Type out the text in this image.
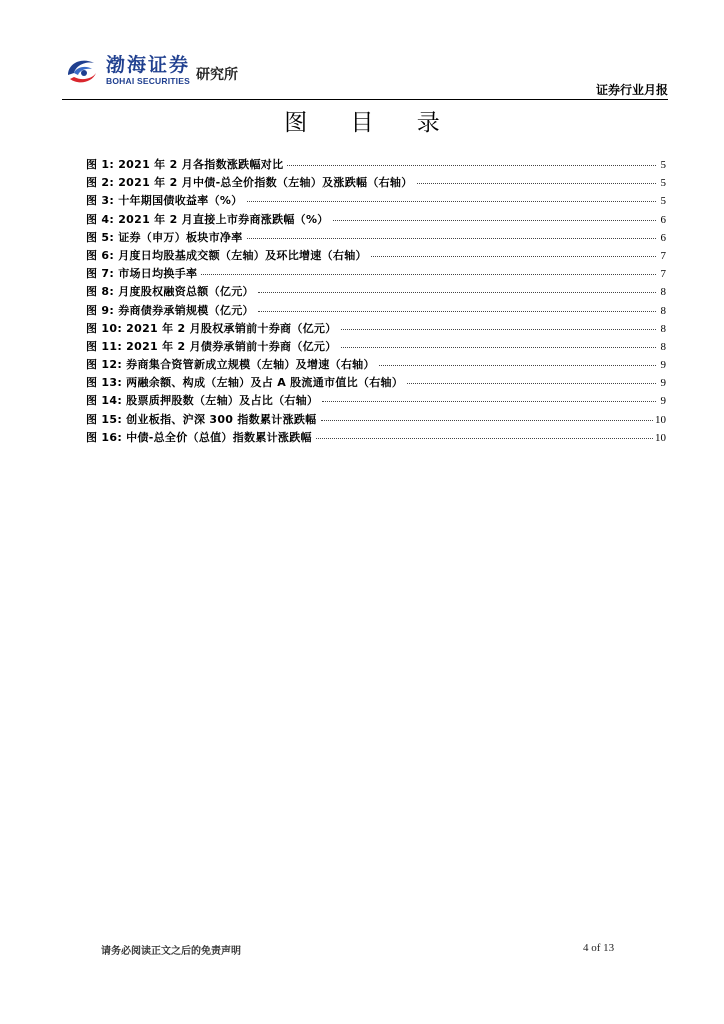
渤海证券
BOHAI SECURITIES 研究所
证券行业月报
图 目 录
图 1: 2021 年 2 月各指数涨跌幅对比	5
图 2: 2021 年 2 月中债-总全价指数（左轴）及涨跌幅（右轴）	5
图 3: 十年期国债收益率（%）	5
图 4: 2021 年 2 月直接上市券商涨跌幅（%）	6
图 5: 证券（申万）板块市净率	6
图 6: 月度日均股基成交额（左轴）及环比增速（右轴）	7
图 7: 市场日均换手率	7
图 8: 月度股权融资总额（亿元）	8
图 9: 券商债券承销规模（亿元）	8
图 10: 2021 年 2 月股权承销前十券商（亿元）	8
图 11: 2021 年 2 月债券承销前十券商（亿元）	8
图 12: 券商集合资管新成立规模（左轴）及增速（右轴）	9
图 13: 两融余额、构成（左轴）及占 A 股流通市值比（右轴）	9
图 14: 股票质押股数（左轴）及占比（右轴）	9
图 15: 创业板指、沪深 300 指数累计涨跌幅	10
图 16: 中债-总全价（总值）指数累计涨跌幅	10
请务必阅读正文之后的免责声明	4 of 13
